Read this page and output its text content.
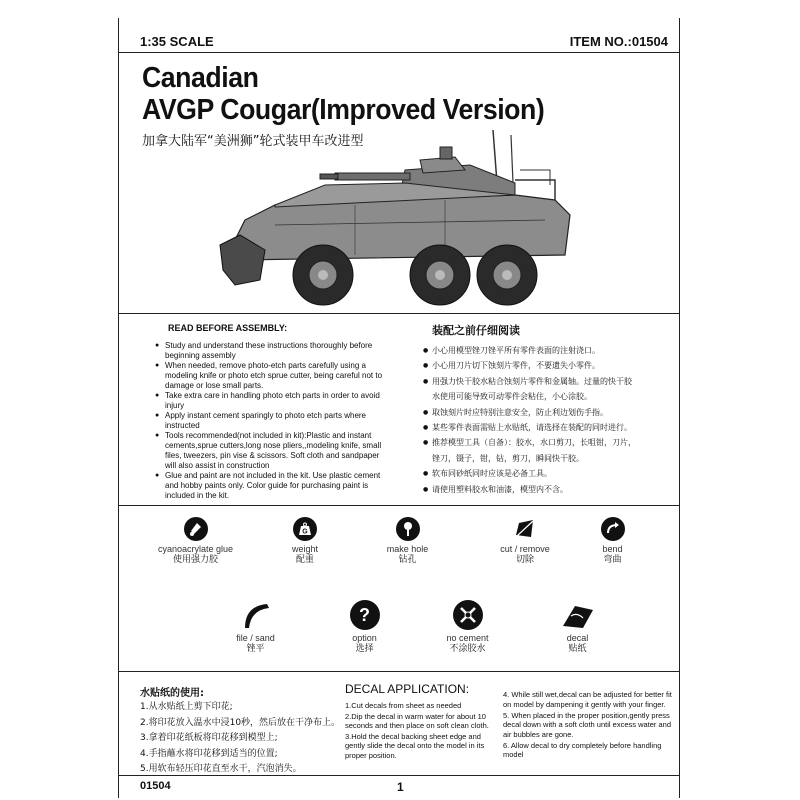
1:35 SCALE	ITEM NO.:01504
Canadian
AVGP Cougar(Improved Version)
加拿大陆军“美洲狮”轮式装甲车改进型
READ BEFORE ASSEMBLY:
● Study and understand these instructions thoroughly before beginning assembly
● When needed, remove photo-etch parts carefully using a modeling knife or photo etch sprue cutter, being careful not to damage or lose small parts.
● Take extra care in handling photo etch parts in order to avoid injury
● Apply instant cement sparingly to photo etch parts where instructed
● Tools recommended(not included in kit):Plastic and instant cements,sprue cutters,long nose pliers,,modeling knife, small files, tweezers, pin vise & scissors. Soft cloth and sandpaper will also assist in construction
● Glue and paint are not included in the kit. Use plastic cement and hobby paints only. Color guide for purchasing paint is included in the kit.
装配之前仔细阅读
● 小心用模型锉刀锉平所有零件表面的注射浇口。
● 小心用刀片切下蚀刻片零件，不要遗失小零件。
● 用强力快干胶水粘合蚀刻片零件和金属轴。过量的快干胶
水使用可能导致可动零件会粘住，小心涂胶。
● 取蚀刻片时应特别注意安全，防止利边划伤手指。
● 某些零件表面需贴上水贴纸，请选择在装配的同时进行。
● 推荐模型工具（自备）：胶水，水口剪刀，长咀钳，刀片，
锉刀，镊子，钳，钻，剪刀，瞬间快干胶。
● 软布同砂纸同时应该是必备工具。
● 请使用塑料胶水和油漆，模型内不含。
cyanoacrylate glue
使用强力胶
G
weight
配重
make hole
钻孔
cut / remove
切除
bend
弯曲
file / sand
锉平
?
option
选择
no cement
不涂胶水
decal
贴纸
水贴纸的使用:
1.从水贴纸上剪下印花;
2.将印花放入温水中浸10秒，然后放在干净布上。
3.拿着印花纸板将印花移到模型上;
4.手指蘸水将印花移到适当的位置;
5.用软布轻压印花直至水干，汽泡消失。
DECAL APPLICATION:
1.Cut decals from sheet as needed
2.Dip the decal in warm water for about 10 seconds and then place on soft clean cloth.
3.Hold the decal backing sheet edge and gently slide the decal onto the model in its proper position.
4. While still wet,decal can be adjusted for better fit on model by dampening it gently with your finger.
5. When placed in the proper position,gently press decal down with a soft cloth until excess water and air bubbles are gone.
6. Allow decal to dry completely before handling model
01504	1
